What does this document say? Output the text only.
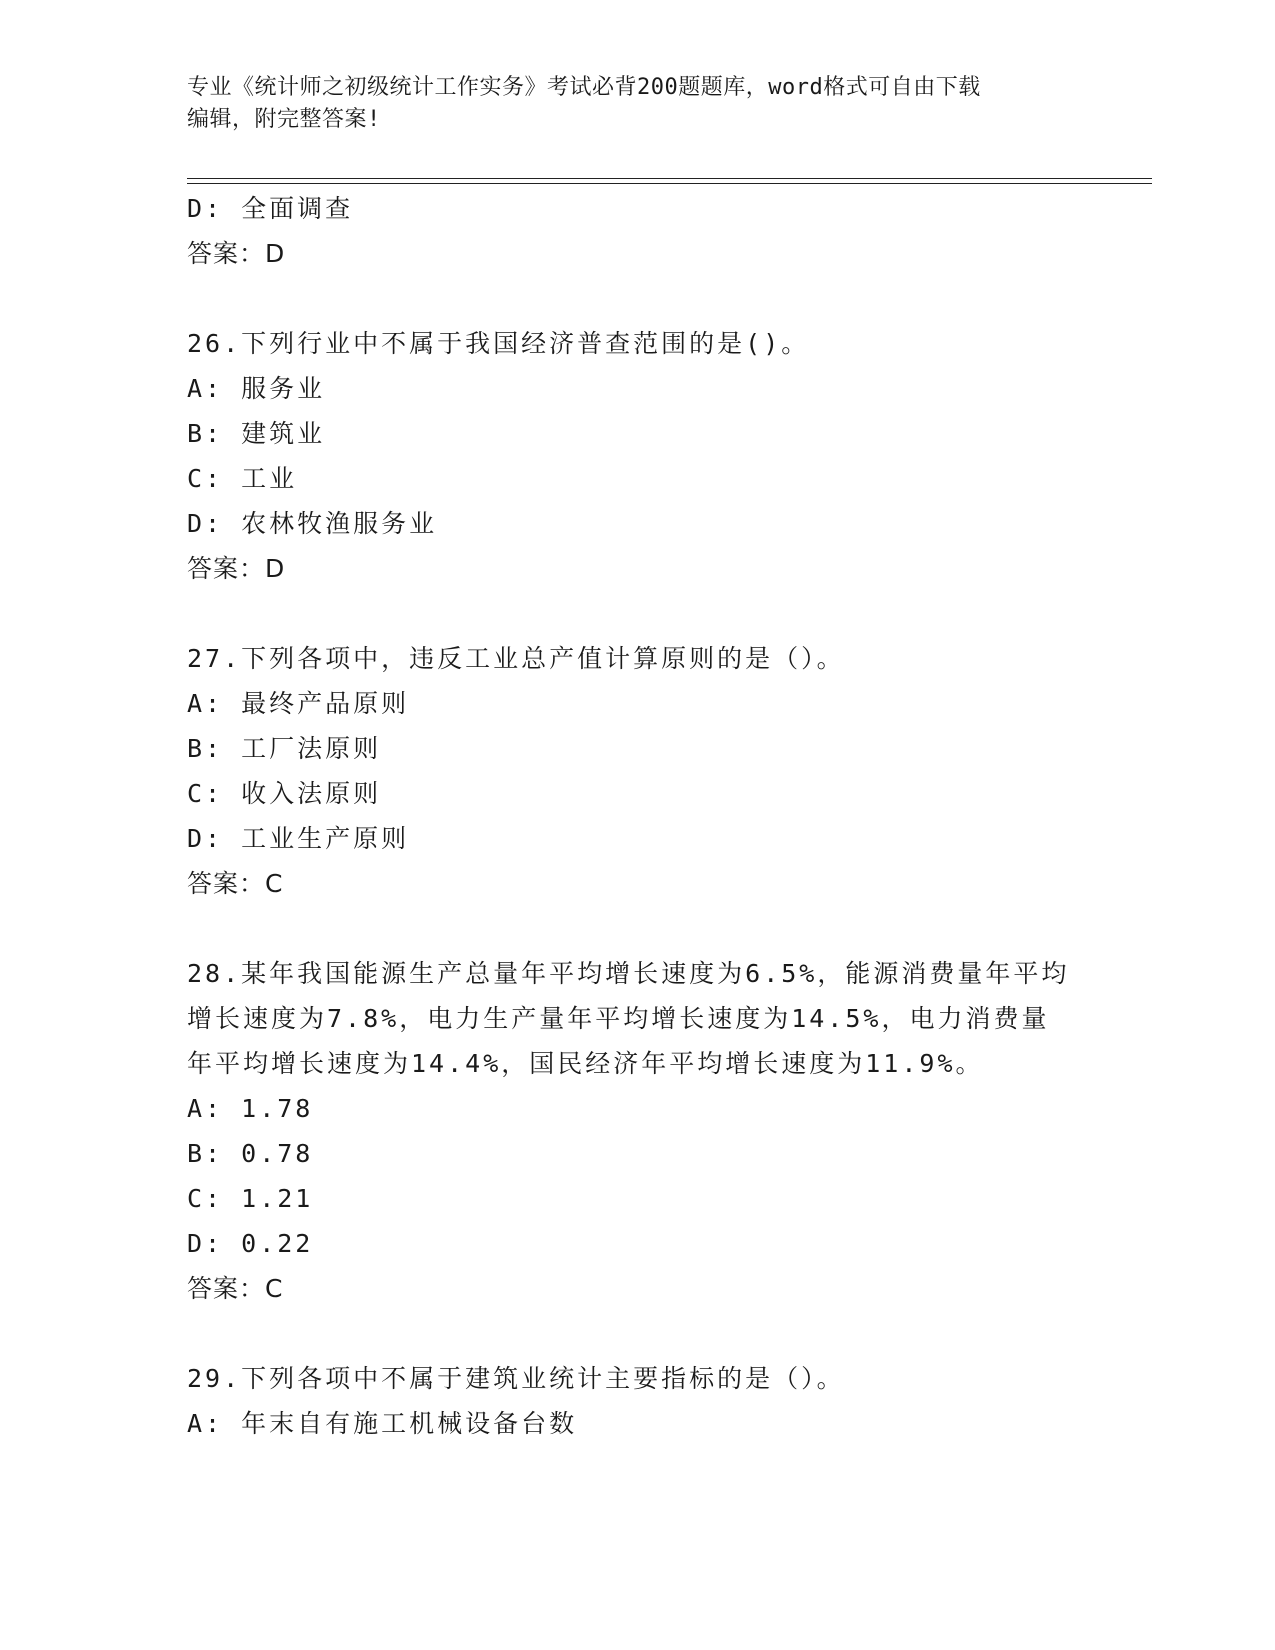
专业《统计师之初级统计工作实务》考试必背200题题库，word格式可自由下载
编辑，附完整答案!
D: 全面调查
答案：D
26.下列行业中不属于我国经济普查范围的是()。
A: 服务业
B: 建筑业
C: 工业
D: 农林牧渔服务业
答案：D
27.下列各项中，违反工业总产值计算原则的是（）。
A: 最终产品原则
B: 工厂法原则
C: 收入法原则
D: 工业生产原则
答案：C
28.某年我国能源生产总量年平均增长速度为6.5%，能源消费量年平均
增长速度为7.8%，电力生产量年平均增长速度为14.5%，电力消费量
年平均增长速度为14.4%，国民经济年平均增长速度为11.9%。
A: 1.78
B: 0.78
C: 1.21
D: 0.22
答案：C
29.下列各项中不属于建筑业统计主要指标的是（）。
A: 年末自有施工机械设备台数
